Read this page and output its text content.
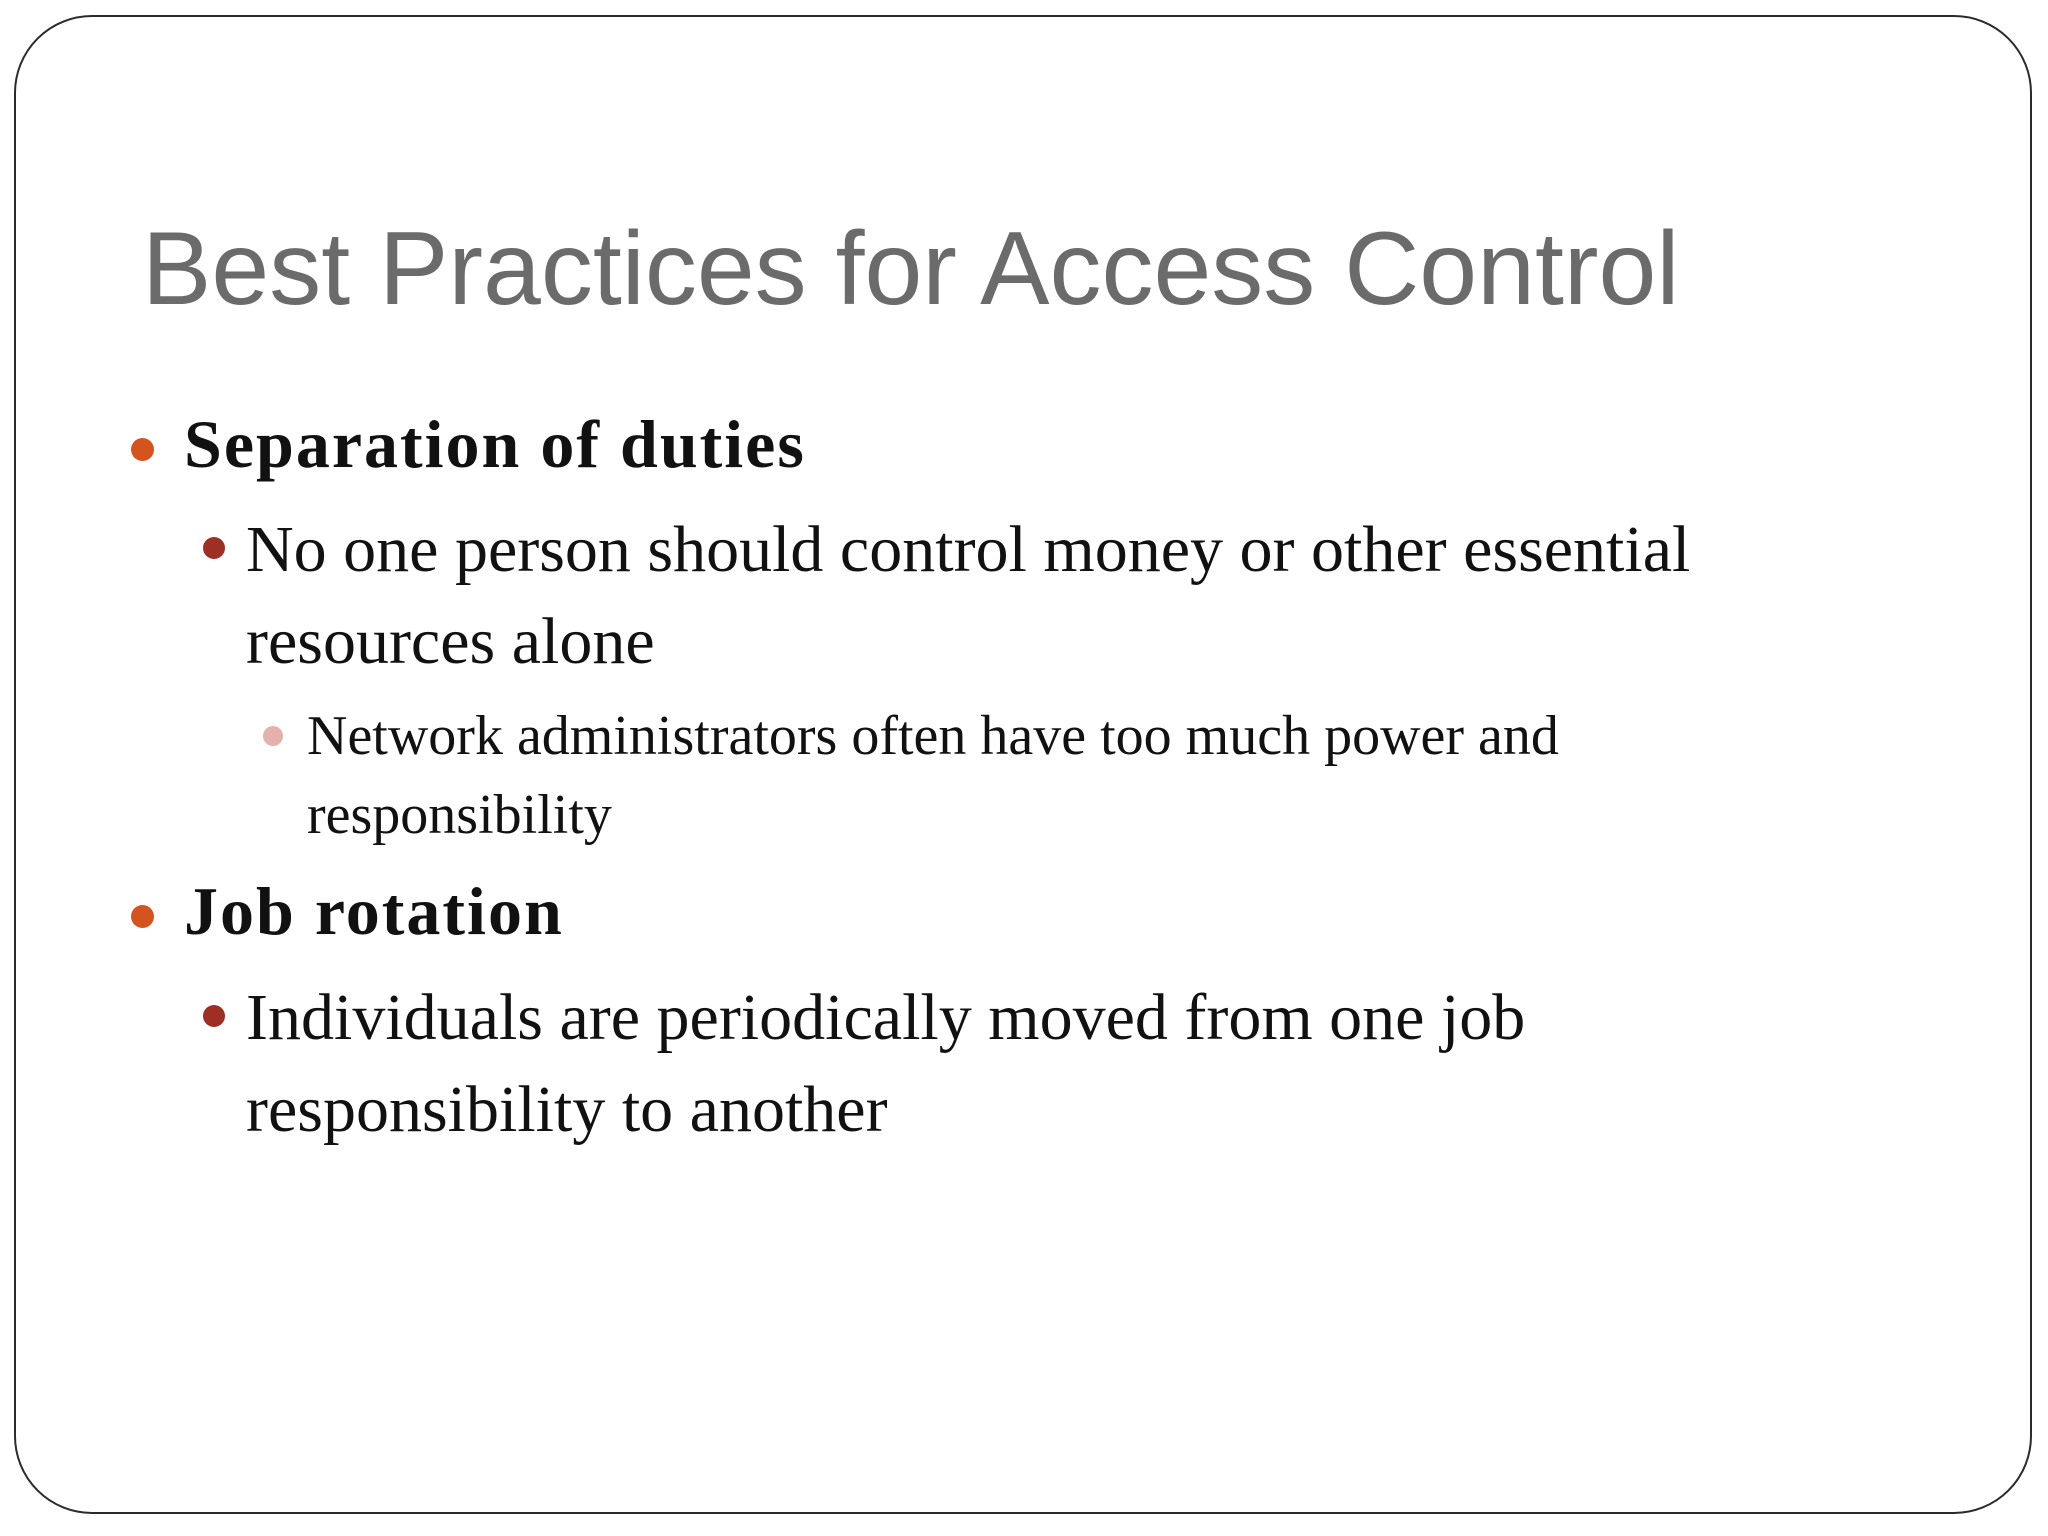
Best Practices for Access Control

Separation of duties

No one person should control money or other essential resources alone

Network administrators often have too much power and responsibility

Job rotation

Individuals are periodically moved from one job responsibility to another
